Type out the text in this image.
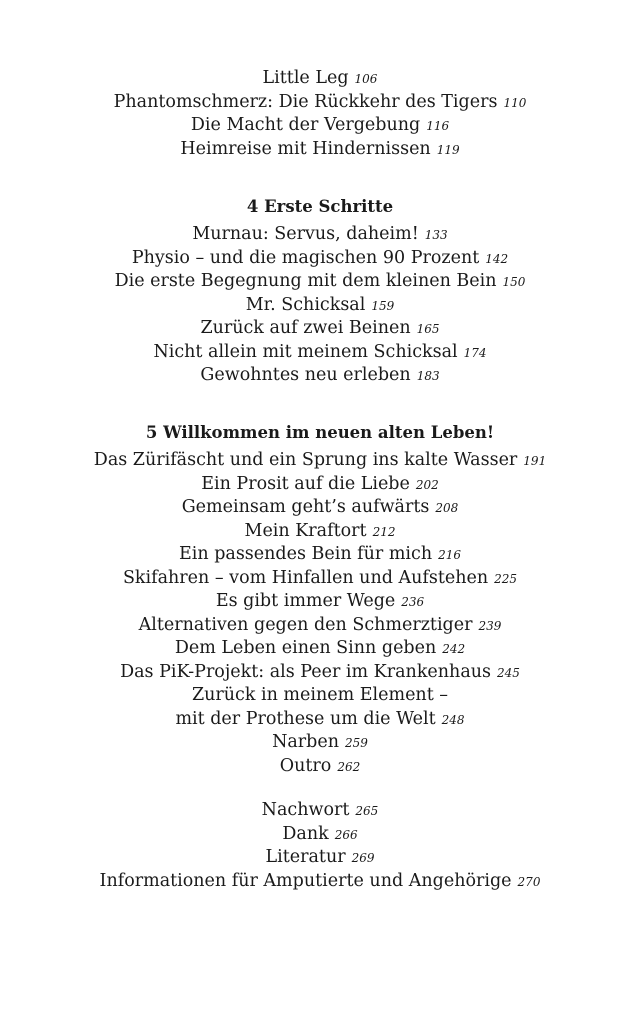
Little Leg 106
Phantomschmerz: Die Rückkehr des Tigers 110
Die Macht der Vergebung 116
Heimreise mit Hindernissen 119
4 Erste Schritte
Murnau: Servus, daheim! 133
Physio – und die magischen 90 Prozent 142
Die erste Begegnung mit dem kleinen Bein 150
Mr. Schicksal 159
Zurück auf zwei Beinen 165
Nicht allein mit meinem Schicksal 174
Gewohntes neu erleben 183
5 Willkommen im neuen alten Leben!
Das Zürifäscht und ein Sprung ins kalte Wasser 191
Ein Prosit auf die Liebe 202
Gemeinsam geht’s aufwärts 208
Mein Kraftort 212
Ein passendes Bein für mich 216
Skifahren – vom Hinfallen und Aufstehen 225
Es gibt immer Wege 236
Alternativen gegen den Schmerztiger 239
Dem Leben einen Sinn geben 242
Das PiK-Projekt: als Peer im Krankenhaus 245
Zurück in meinem Element –
mit der Prothese um die Welt 248
Narben 259
Outro 262
Nachwort 265
Dank 266
Literatur 269
Informationen für Amputierte und Angehörige 270
